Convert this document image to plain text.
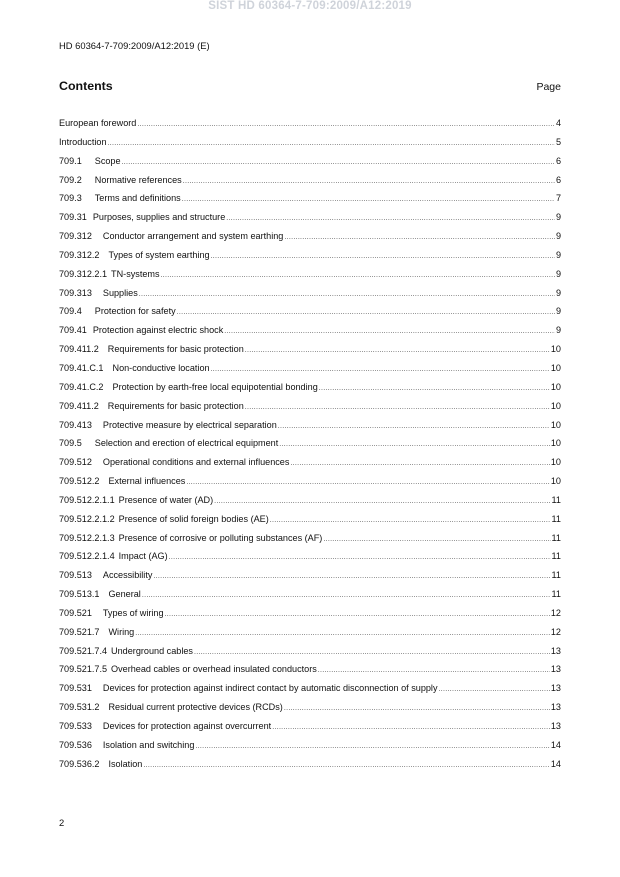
SIST HD 60364-7-709:2009/A12:2019
HD 60364-7-709:2009/A12:2019 (E)
Contents	Page
European foreword .....	4
Introduction .....	5
709.1 Scope .....	6
709.2 Normative references .....	6
709.3 Terms and definitions .....	7
709.31 Purposes, supplies and structure .....	9
709.312 Conductor arrangement and system earthing .....	9
709.312.2 Types of system earthing .....	9
709.312.2.1 TN-systems .....	9
709.313 Supplies .....	9
709.4 Protection for safety .....	9
709.41 Protection against electric shock .....	9
709.411.2 Requirements for basic protection .....	10
709.41.C.1 Non-conductive location .....	10
709.41.C.2 Protection by earth-free local equipotential bonding .....	10
709.411.2 Requirements for basic protection .....	10
709.413 Protective measure by electrical separation .....	10
709.5 Selection and erection of electrical equipment .....	10
709.512 Operational conditions and external influences .....	10
709.512.2 External influences .....	10
709.512.2.1.1 Presence of water (AD) .....	11
709.512.2.1.2 Presence of solid foreign bodies (AE) .....	11
709.512.2.1.3 Presence of corrosive or polluting substances (AF) .....	11
709.512.2.1.4 Impact (AG) .....	11
709.513 Accessibility .....	11
709.513.1 General .....	11
709.521 Types of wiring .....	12
709.521.7 Wiring .....	12
709.521.7.4 Underground cables .....	13
709.521.7.5 Overhead cables or overhead insulated conductors .....	13
709.531 Devices for protection against indirect contact by automatic disconnection of supply .....	13
709.531.2 Residual current protective devices (RCDs) .....	13
709.533 Devices for protection against overcurrent .....	13
709.536 Isolation and switching .....	14
709.536.2 Isolation .....	14
2
